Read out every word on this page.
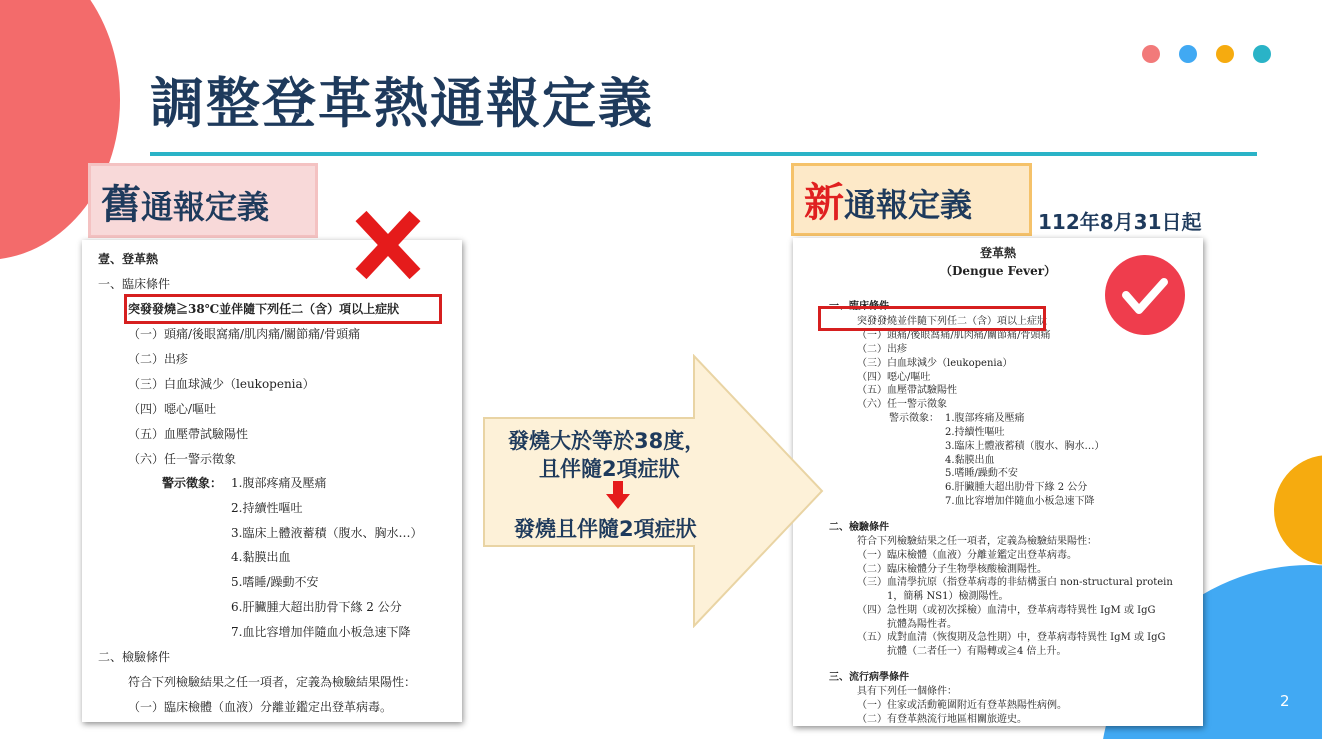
調整登革熱通報定義
舊 通報定義	新 通報定義	112年8月31日起
壹、登革熱
一、臨床條件
突發發燒≧38℃並伴隨下列任二（含）項以上症狀
（一）頭痛/後眼窩痛/肌肉痛/關節痛/骨頭痛
（二）出疹
（三）白血球減少（leukopenia）
（四）噁心/嘔吐
（五）血壓帶試驗陽性
（六）任一警示徵象
警示徵象： 1.腹部疼痛及壓痛
2.持續性嘔吐
3.臨床上體液蓄積（腹水、胸水…）
4.黏膜出血
5.嗜睡/躁動不安
6.肝臟腫大超出肋骨下緣 2 公分
7.血比容增加伴隨血小板急速下降
二、檢驗條件
符合下列檢驗結果之任一項者，定義為檢驗結果陽性：
（一）臨床檢體（血液）分離並鑑定出登革病毒。
登革熱
（Dengue Fever）
一、臨床條件
突發發燒並伴隨下列任二（含）項以上症狀
（一）頭痛/後眼窩痛/肌肉痛/關節痛/骨頭痛
（二）出疹
（三）白血球減少（leukopenia）
（四）噁心/嘔吐
（五）血壓帶試驗陽性
（六）任一警示徵象
警示徵象： 1.腹部疼痛及壓痛
2.持續性嘔吐
3.臨床上體液蓄積（腹水、胸水…）
4.黏膜出血
5.嗜睡/躁動不安
6.肝臟腫大超出肋骨下緣 2 公分
7.血比容增加伴隨血小板急速下降
二、檢驗條件
符合下列檢驗結果之任一項者，定義為檢驗結果陽性：
（一）臨床檢體（血液）分離並鑑定出登革病毒。
（二）臨床檢體分子生物學核酸檢測陽性。
（三）血清學抗原（指登革病毒的非結構蛋白 non-structural protein
1，簡稱 NS1）檢測陽性。
（四）急性期（或初次採檢）血清中，登革病毒特異性 IgM 或 IgG
抗體為陽性者。
（五）成對血清（恢復期及急性期）中，登革病毒特異性 IgM 或 IgG
抗體（二者任一）有陽轉或≧4 倍上升。
三、流行病學條件
具有下列任一個條件：
（一）住家或活動範圍附近有登革熱陽性病例。
（二）有登革熱流行地區相關旅遊史。
發燒大於等於38度，
且伴隨2項症狀
發燒且伴隨2項症狀
2
